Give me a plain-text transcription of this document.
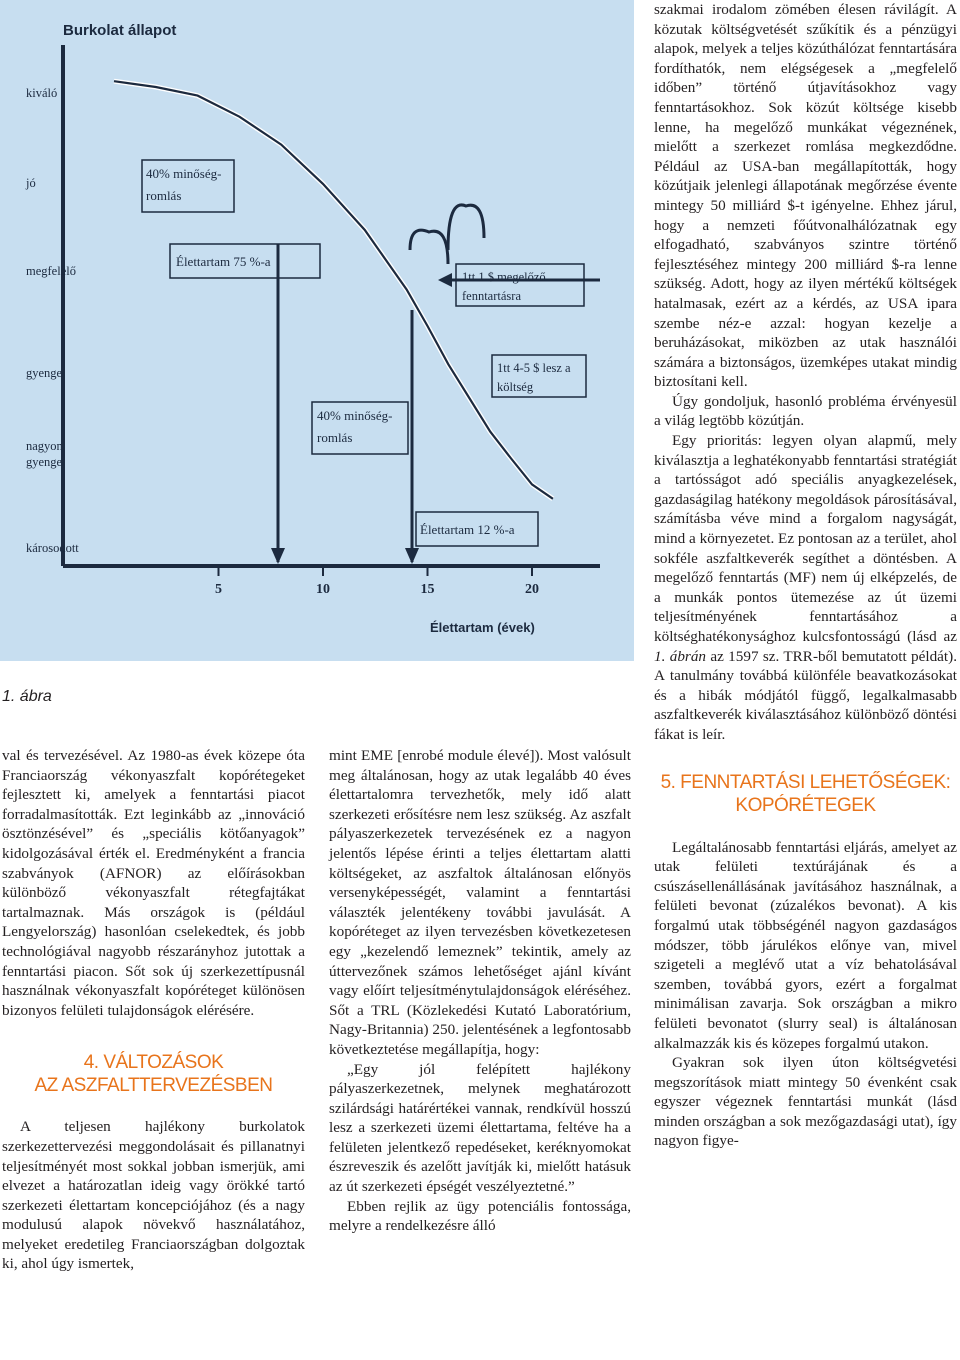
Burkolat állapot
kiváló
jó
megfelelő
gyenge
nagyon
gyenge
károsodott
5	10	15	20
Élettartam (évek)
40% minőség-
romlás
Élettartam 75 %-a
1tt 1 $ megelőző
fenntartásra
1tt 4-5 $ lesz a
költség
40% minőség-
romlás
Élettartam 12 %-a
1. ábra

val és tervezésével. Az 1980-as évek közepe óta Franciaország vékonyaszfalt kopórétegeket fejlesztett ki, amelyek a fenntartási piacot forradalmasították. Ezt leginkább az „innováció ösztönzésével” és „speciális kötőanyagok” kidolgozásával érték el. Eredményként a francia szabványok (AFNOR) az előírásokban különböző vékonyaszfalt rétegfajtákat tartalmaznak. Más országok is (például Lengyelország) hasonlóan cselekedtek, és jobb technológiával nagyobb részarányhoz jutottak a fenntartási piacon. Sőt sok új szerkezettípusnál használnak vékonyaszfalt kopóréteget különösen bizonyos felületi tulajdonságok elérésére.

4. VÁLTOZÁSOK

AZ ASZFALTTERVEZÉSBEN

A teljesen hajlékony burkolatok szerkezettervezési meggondolásait és pillanatnyi teljesítményét most sokkal jobban ismerjük, ami elvezet a határozatlan ideig vagy örökké tartó szerkezeti élettartam koncepciójához (és a nagy modulusú alapok növekvő használatához, melyeket eredetileg Franciaországban dolgoztak ki, ahol úgy ismertek,

mint EME [enrobé module élevé]). Most valósult meg általánosan, hogy az utak legalább 40 éves élettartalomra tervezhetők, mely idő alatt szerkezeti erősítésre nem lesz szükség. Az aszfalt pályaszerkezetek tervezésének ez a nagyon jelentős lépése érinti a teljes élettartam alatti költségeket, az aszfaltok általánosan előnyös versenyképességét, valamint a fenntartási választék jelentékeny további javulását. A kopóréteget az ilyen tervezésben következetesen egy „kezelendő lemeznek” tekintik, amely az úttervezőnek számos lehetőséget ajánl kívánt vagy előírt teljesítménytulajdonságok eléréséhez. Sőt a TRL (Közlekedési Kutató Laboratórium, Nagy-Britannia) 250. jelentésének a legfontosabb következtetése megállapítja, hogy:

„Egy jól felépített hajlékony pályaszerkezetnek, melynek meghatározott szilárdsági határértékei vannak, rendkívül hosszú lesz a szerkezeti üzemi élettartama, feltéve ha a felületen jelentkező repedéseket, keréknyomokat észreveszik és azelőtt javítják ki, mielőtt hatásuk az út szerkezeti épségét veszélyeztetné.”

Ebben rejlik az ügy potenciális fontossága, melyre a rendelkezésre álló

szakmai irodalom zömében élesen rávilágít. A közutak költségvetését szűkítik és a pénzügyi alapok, melyek a teljes közúthálózat fenntartására fordíthatók, nem elégségesek a „megfelelő időben” történő útjavításokhoz vagy fenntartásokhoz. Sok közút költsége kisebb lenne, ha megelőző munkákat végeznének, mielőtt a szerkezet romlása megkezdődne. Például az USA-ban megállapították, hogy közútjaik jelenlegi állapotának megőrzése évente mintegy 50 milliárd $-t igényelne. Ehhez járul, hogy a nemzeti főútvonalhálózatnak egy elfogadható, szabványos szintre történő fejlesztéséhez mintegy 200 milliárd $-ra lenne szükség. Adott, hogy az ilyen mértékű költségek hatalmasak, ezért az a kérdés, az USA ipara szembe néz-e azzal: hogyan kezelje a beruházásokat, miközben az utak használói számára a biztonságos, üzemképes utakat mindig biztosítani kell.

Úgy gondoljuk, hasonló probléma érvényesül a világ legtöbb közútján.

Egy prioritás: legyen olyan alapmű, mely kiválasztja a leghatékonyabb fenntartási stratégiát a tartósságot adó speciális anyagkezelések, gazdaságilag hatékony megoldások párosításával, számításba véve mind a forgalom nagyságát, mind a környezetet. Ez pontosan az a terület, ahol sokféle aszfaltkeverék segíthet a döntésben. A megelőző fenntartás (MF) nem új elképzelés, de a munkák pontos ütemezése az út üzemi teljesítményének fenntartásához a költséghatékonysághoz kulcsfontosságú (lásd az 1. ábrán az 1597 sz. TRR-ből bemutatott példát). A tanulmány továbbá különféle beavatkozásokat és a hibák módjától függő, legalkalmasabb aszfaltkeverék kiválasztásához különböző döntési fákat is leír.

5. FENNTARTÁSI LEHETŐSÉGEK:

KOPÓRÉTEGEK

Legáltalánosabb fenntartási eljárás, amelyet az utak felületi textúrájának és a csúszásellenállásának javításához használnak, a felületi bevonat (zúzalékos bevonat). A kis forgalmú utak többségénél nagyon gazdaságos módszer, több járulékos előnye van, mivel szigeteli a meglévő utat a víz behatolásával szemben, továbbá gyors, ezért a forgalmat minimálisan zavarja. Sok országban a mikro felületi bevonatot (slurry seal) is általánosan alkalmazzák kis és közepes forgalmú utakon.

Gyakran sok ilyen úton költségvetési megszorítások miatt mintegy 50 évenként csak egyszer végeznek fenntartási munkát (lásd minden országban a sok mezőgazdasági utat), így nagyon figye-
